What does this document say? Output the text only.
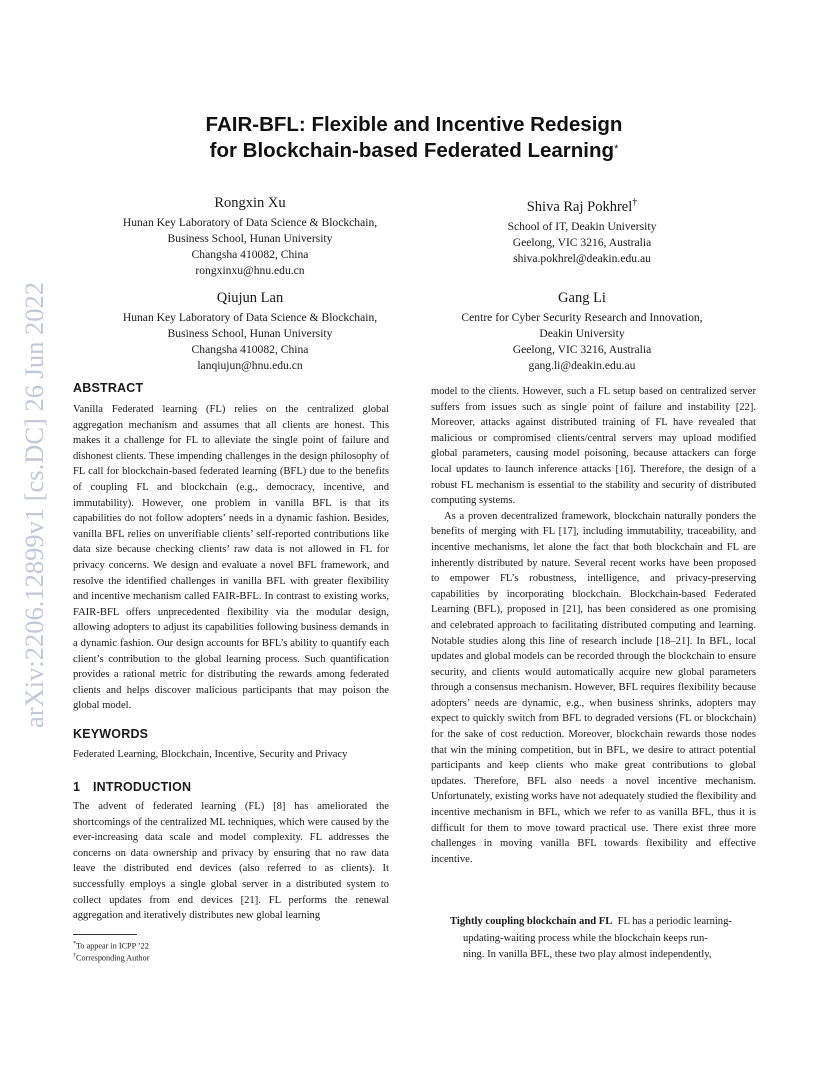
arXiv:2206.12899v1 [cs.DC] 26 Jun 2022
FAIR-BFL: Flexible and Incentive Redesign
for Blockchain-based Federated Learning*
Rongxin Xu
Hunan Key Laboratory of Data Science & Blockchain,
Business School, Hunan University
Changsha 410082, China
rongxinxu@hnu.edu.cn
Shiva Raj Pokhrel†
School of IT, Deakin University
Geelong, VIC 3216, Australia
shiva.pokhrel@deakin.edu.au
Qiujun Lan
Hunan Key Laboratory of Data Science & Blockchain,
Business School, Hunan University
Changsha 410082, China
lanqiujun@hnu.edu.cn
Gang Li
Centre for Cyber Security Research and Innovation,
Deakin University
Geelong, VIC 3216, Australia
gang.li@deakin.edu.au
ABSTRACT

Vanilla Federated learning (FL) relies on the centralized global aggregation mechanism and assumes that all clients are honest. This makes it a challenge for FL to alleviate the single point of failure and dishonest clients. These impending challenges in the design philosophy of FL call for blockchain-based federated learning (BFL) due to the benefits of coupling FL and blockchain (e.g., democracy, incentive, and immutability). However, one problem in vanilla BFL is that its capabilities do not follow adopters’ needs in a dynamic fashion. Besides, vanilla BFL relies on unverifiable clients’ self-reported contributions like data size because checking clients’ raw data is not allowed in FL for privacy concerns. We design and evaluate a novel BFL framework, and resolve the identified challenges in vanilla BFL with greater flexibility and incentive mechanism called FAIR-BFL. In contrast to existing works, FAIR-BFL offers unprecedented flexibility via the modular design, allowing adopters to adjust its capabilities following business demands in a dynamic fashion. Our design accounts for BFL’s ability to quantify each client’s contribution to the global learning process. Such quantification provides a rational metric for distributing the rewards among federated clients and helps discover malicious participants that may poison the global model.

KEYWORDS
Federated Learning, Blockchain, Incentive, Security and Privacy
1 INTRODUCTION

The advent of federated learning (FL) [8] has ameliorated the shortcomings of the centralized ML techniques, which were caused by the ever-increasing data scale and model complexity. FL addresses the concerns on data ownership and privacy by ensuring that no raw data leave the distributed end devices (also referred to as clients). It successfully employs a single global server in a distributed system to collect updates from end devices [21]. FL performs the renewal aggregation and iteratively distributes new global learning

model to the clients. However, such a FL setup based on centralized server suffers from issues such as single point of failure and instability [22]. Moreover, attacks against distributed training of FL have revealed that malicious or compromised clients/central servers may upload modified global parameters, causing model poisoning, because attackers can forge local updates to launch inference attacks [16]. Therefore, the design of a robust FL mechanism is essential to the stability and security of distributed computing systems.

As a proven decentralized framework, blockchain naturally ponders the benefits of merging with FL [17], including immutability, traceability, and incentive mechanisms, let alone the fact that both blockchain and FL are inherently distributed by nature. Several recent works have been proposed to empower FL’s robustness, intelligence, and privacy-preserving capabilities by incorporating blockchain. Blockchain-based Federated Learning (BFL), proposed in [21], has been considered as one promising and celebrated approach to facilitating distributed computing and learning. Notable studies along this line of research include [18–21]. In BFL, local updates and global models can be recorded through the blockchain to ensure security, and clients would automatically acquire new global parameters through a consensus mechanism. However, BFL requires flexibility because adopters’ needs are dynamic, e.g., when business shrinks, adopters may expect to quickly switch from BFL to degraded versions (FL or blockchain) for the sake of cost reduction. Moreover, blockchain rewards those nodes that win the mining competition, but in BFL, we desire to attract potential participants and keep clients who make great contributions to global updates. Therefore, BFL also needs a novel incentive mechanism. Unfortunately, existing works have not adequately studied the flexibility and incentive mechanism in BFL, which we refer to as vanilla BFL, thus it is difficult for them to move toward practical use. There exist three more challenges in moving vanilla BFL towards flexibility and effective incentive.

Tightly coupling blockchain and FL FL has a periodic learning-
updating-waiting process while the blockchain keeps run-
ning. In vanilla BFL, these two play almost independently,
*To appear in ICPP ’22
†Corresponding Author
